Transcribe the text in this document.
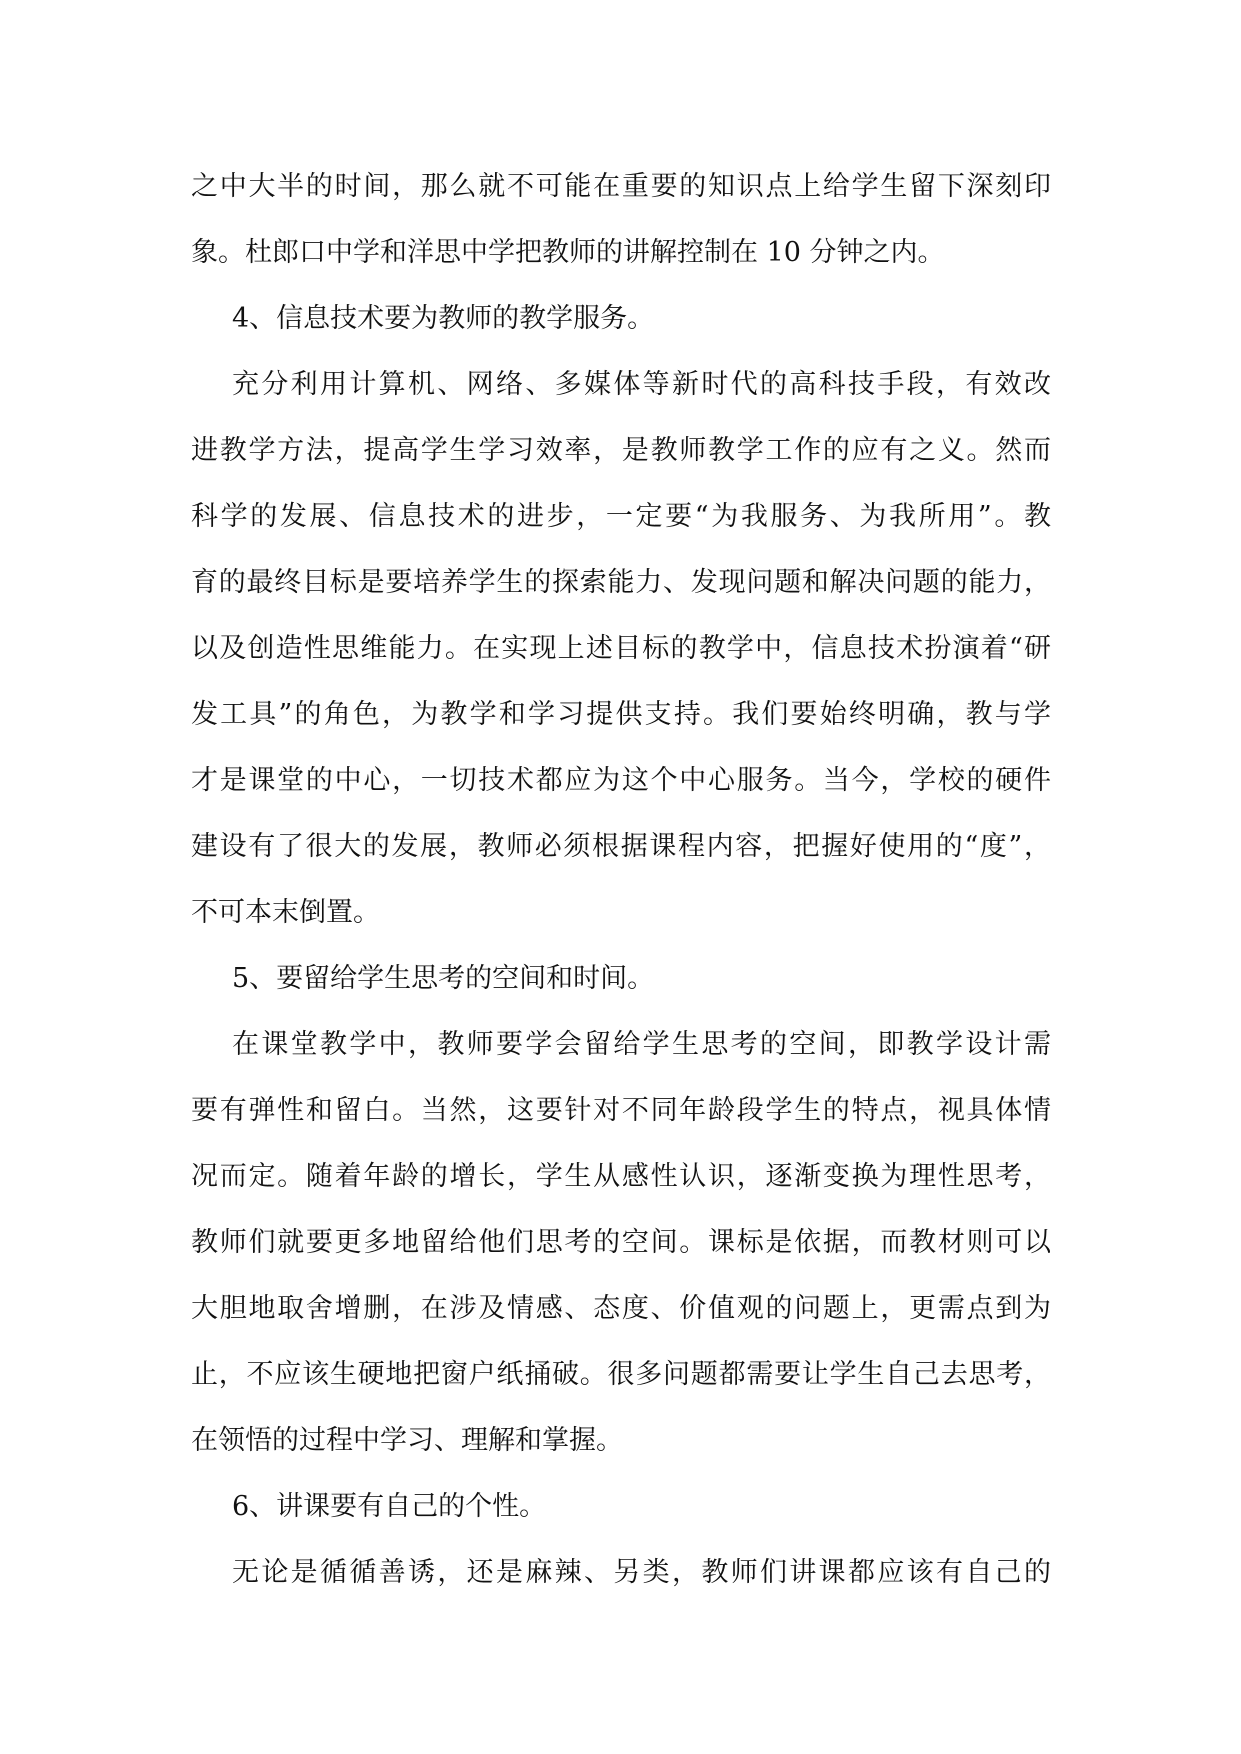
之中大半的时间，那么就不可能在重要的知识点上给学生留下深刻印
象。杜郎口中学和洋思中学把教师的讲解控制在 10 分钟之内。
4、信息技术要为教师的教学服务。
充分利用计算机、网络、多媒体等新时代的高科技手段，有效改
进教学方法，提高学生学习效率，是教师教学工作的应有之义。然而
科学的发展、信息技术的进步，一定要“为我服务、为我所用”。教
育的最终目标是要培养学生的探索能力、发现问题和解决问题的能力，
以及创造性思维能力。在实现上述目标的教学中，信息技术扮演着“研
发工具”的角色，为教学和学习提供支持。我们要始终明确，教与学
才是课堂的中心，一切技术都应为这个中心服务。当今，学校的硬件
建设有了很大的发展，教师必须根据课程内容，把握好使用的“度”，
不可本末倒置。
5、要留给学生思考的空间和时间。
在课堂教学中，教师要学会留给学生思考的空间，即教学设计需
要有弹性和留白。当然，这要针对不同年龄段学生的特点，视具体情
况而定。随着年龄的增长，学生从感性认识，逐渐变换为理性思考，
教师们就要更多地留给他们思考的空间。课标是依据，而教材则可以
大胆地取舍增删，在涉及情感、态度、价值观的问题上，更需点到为
止，不应该生硬地把窗户纸捅破。很多问题都需要让学生自己去思考，
在领悟的过程中学习、理解和掌握。
6、讲课要有自己的个性。
无论是循循善诱，还是麻辣、另类，教师们讲课都应该有自己的
